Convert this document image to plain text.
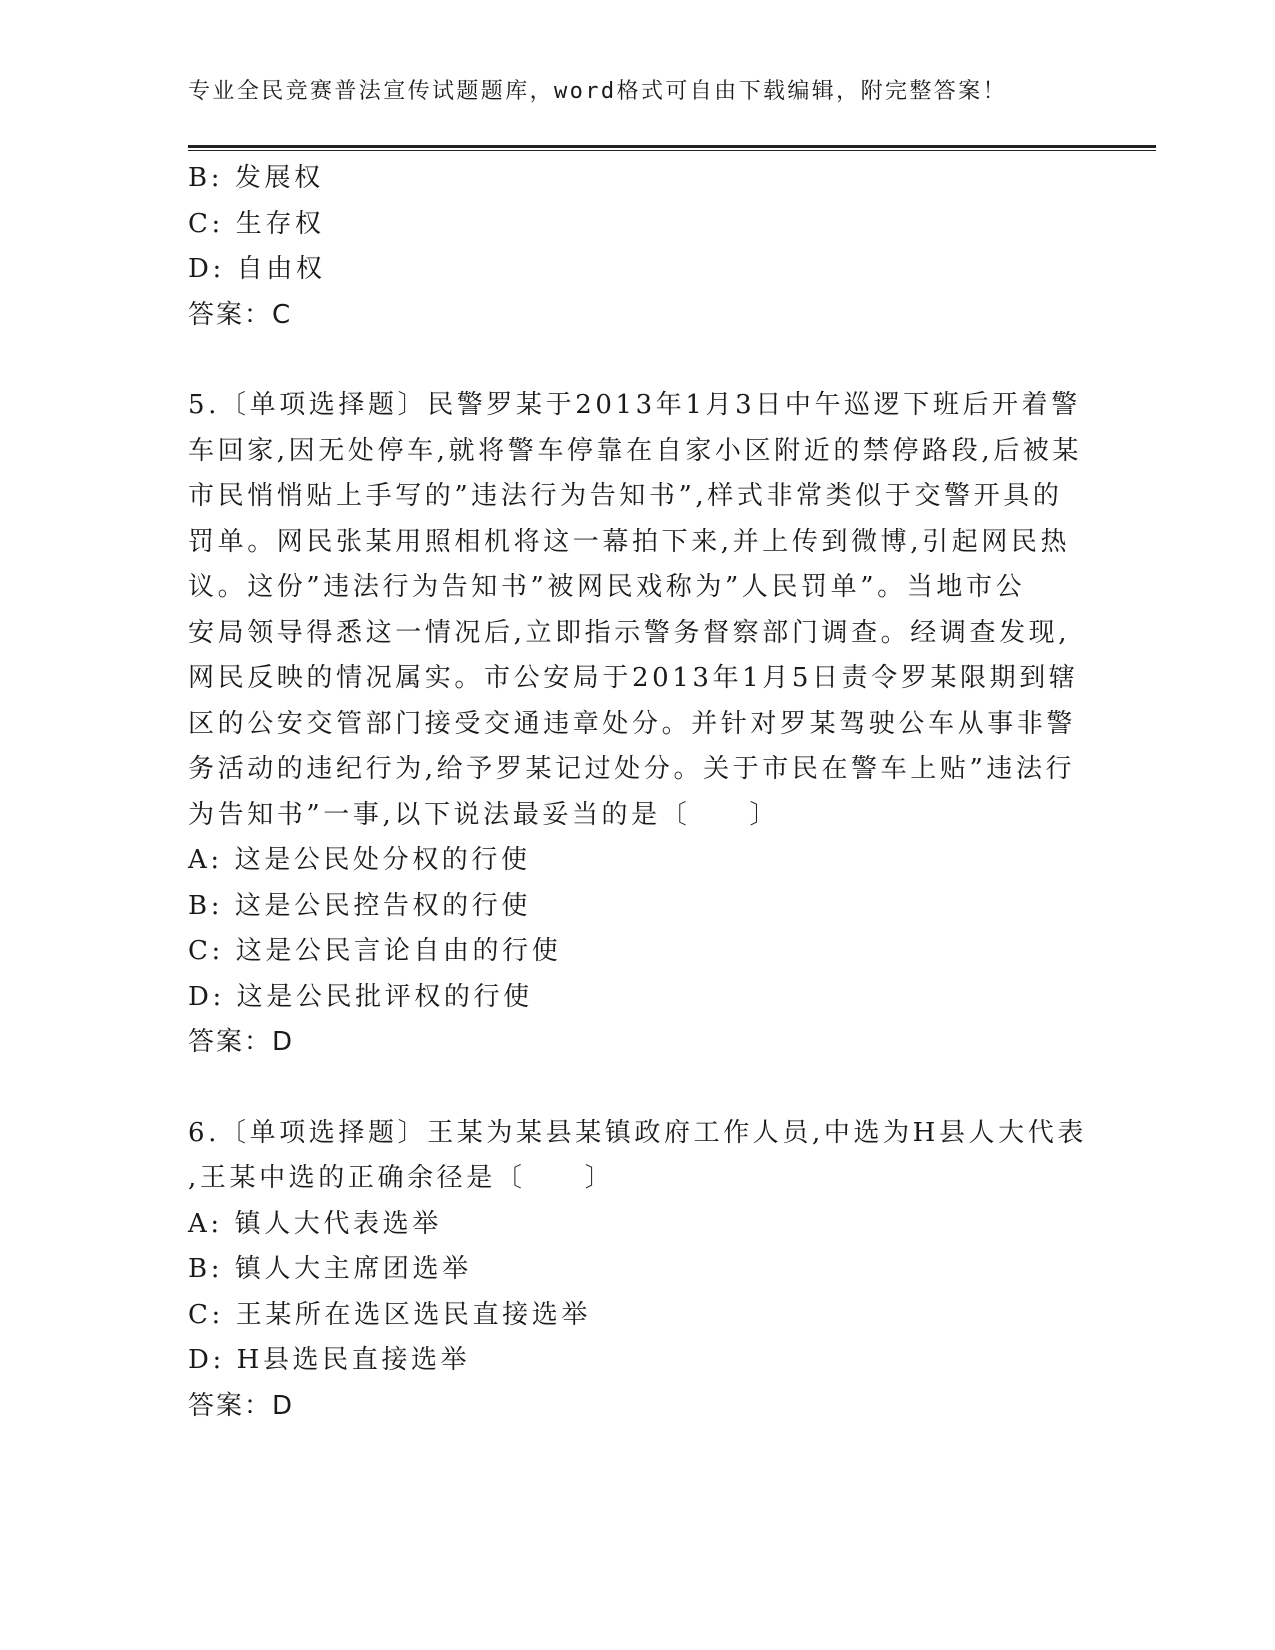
专业全民竞赛普法宣传试题题库，word格式可自由下载编辑，附完整答案！
B: 发展权
C: 生存权
D: 自由权
答案：C
5.〔单项选择题〕民警罗某于2013年1月3日中午巡逻下班后开着警
车回家,因无处停车,就将警车停靠在自家小区附近的禁停路段,后被某
市民悄悄贴上手写的”违法行为告知书”,样式非常类似于交警开具的
罚单。网民张某用照相机将这一幕拍下来,并上传到微博,引起网民热
议。这份”违法行为告知书”被网民戏称为”人民罚单”。当地市公
安局领导得悉这一情况后,立即指示警务督察部门调查。经调查发现,
网民反映的情况属实。市公安局于2013年1月5日责令罗某限期到辖
区的公安交管部门接受交通违章处分。并针对罗某驾驶公车从事非警
务活动的违纪行为,给予罗某记过处分。关于市民在警车上贴”违法行
为告知书”一事,以下说法最妥当的是〔　　〕
A: 这是公民处分权的行使
B: 这是公民控告权的行使
C: 这是公民言论自由的行使
D: 这是公民批评权的行使
答案：D
6.〔单项选择题〕王某为某县某镇政府工作人员,中选为H县人大代表
,王某中选的正确余径是〔　　〕
A: 镇人大代表选举
B: 镇人大主席团选举
C: 王某所在选区选民直接选举
D: H县选民直接选举
答案：D
